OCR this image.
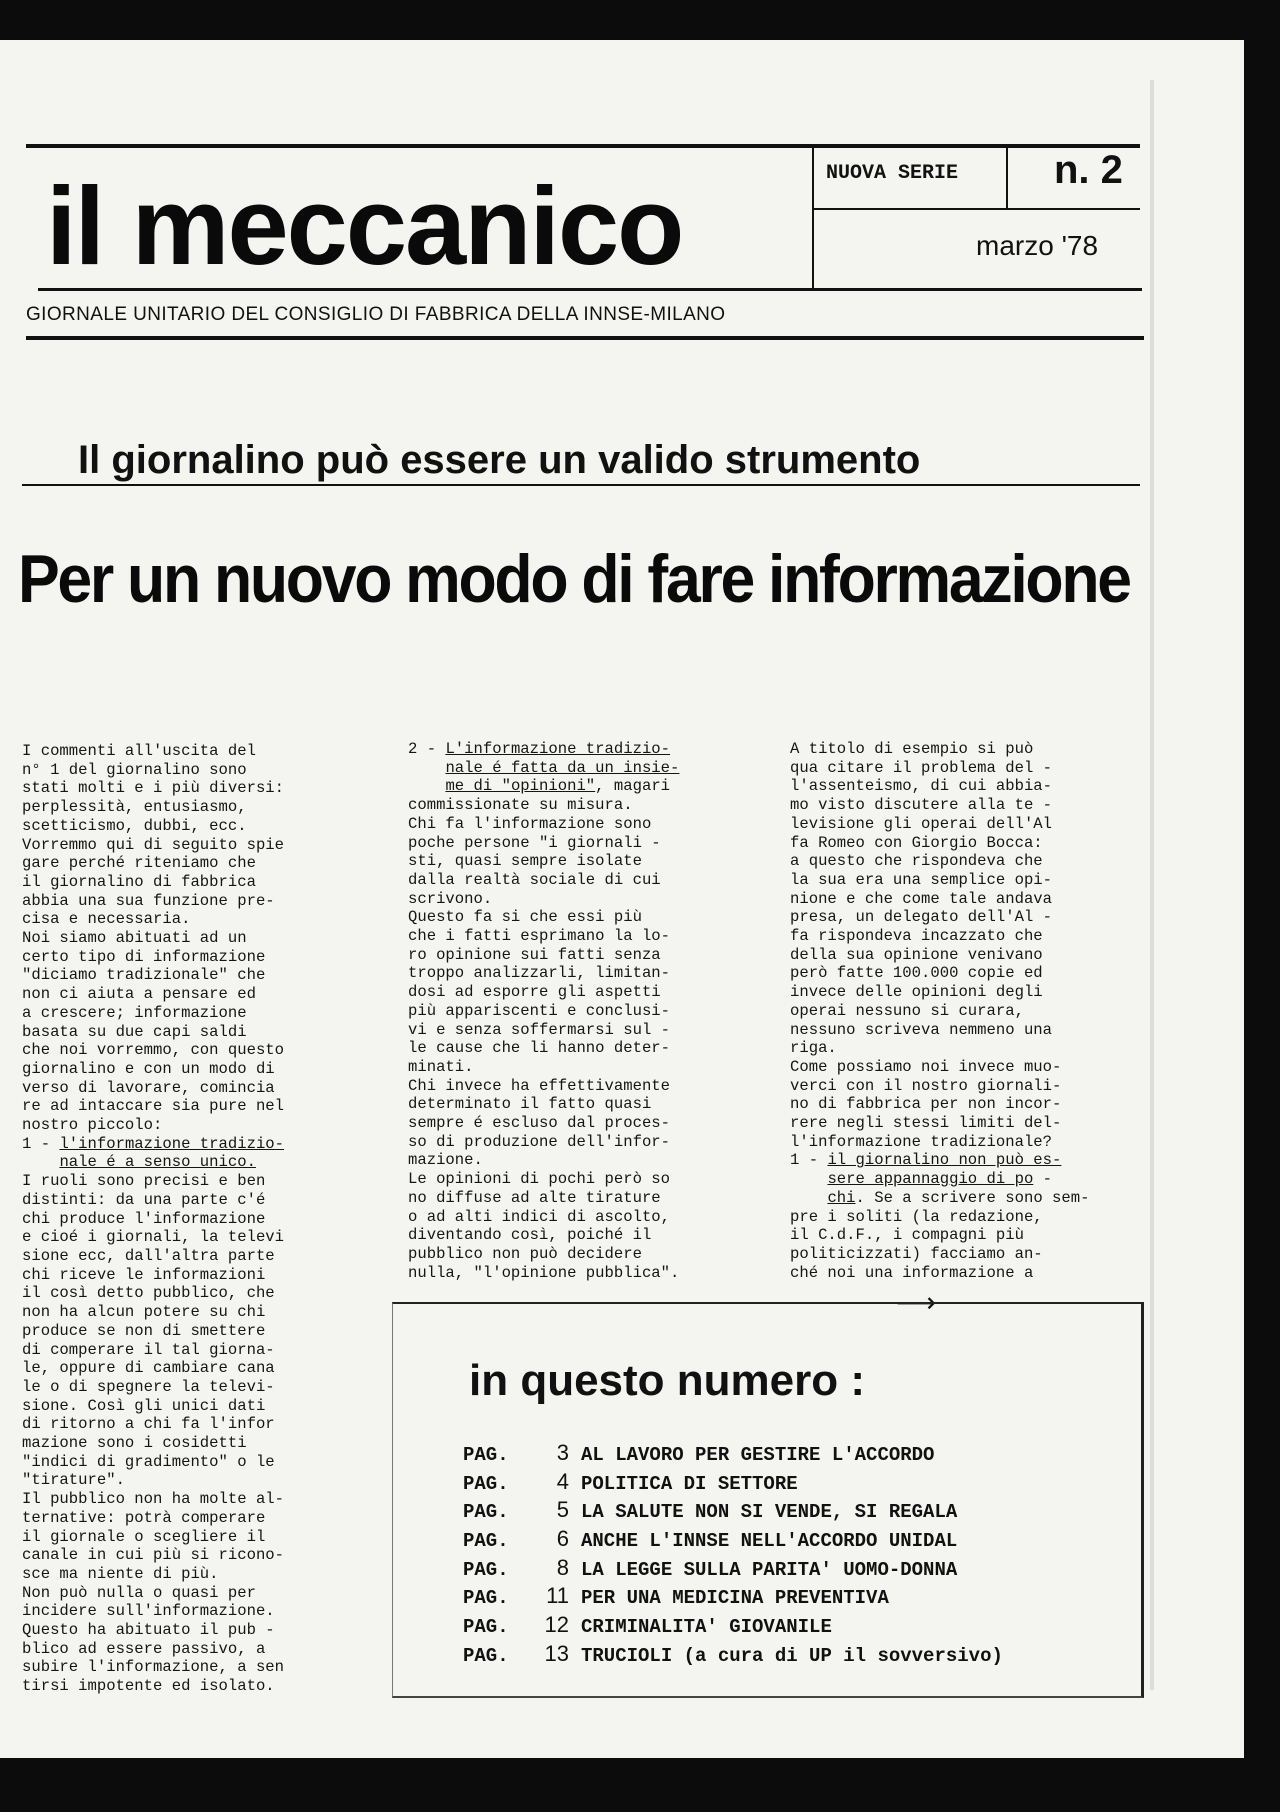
il meccanico	NUOVA SERIE n. 2
marzo '78
GIORNALE UNITARIO DEL CONSIGLIO DI FABBRICA DELLA INNSE-MILANO
Il giornalino può essere un valido strumento
Per un nuovo modo di fare informazione
I commenti all'uscita del
n° 1 del giornalino sono
stati molti e i più diversi:
perplessità, entusiasmo,
scetticismo, dubbi, ecc.
Vorremmo qui di seguito spie
gare perché riteniamo che
il giornalino di fabbrica
abbia una sua funzione pre-
cisa e necessaria.
Noi siamo abituati ad un
certo tipo di informazione
"diciamo tradizionale" che
non ci aiuta a pensare ed
a crescere; informazione
basata su due capi saldi
che noi vorremmo, con questo
giornalino e con un modo di
verso di lavorare, comincia
re ad intaccare sia pure nel
nostro piccolo:
1 - l'informazione tradizio-
nale é a senso unico.
I ruoli sono precisi e ben
distinti: da una parte c'é
chi produce l'informazione
e cioé i giornali, la televi
sione ecc, dall'altra parte
chi riceve le informazioni
il così detto pubblico, che
non ha alcun potere su chi
produce se non di smettere
di comperare il tal giorna-
le, oppure di cambiare cana
le o di spegnere la televi-
sione. Così gli unici dati
di ritorno a chi fa l'infor
mazione sono i cosidetti
"indici di gradimento" o le
"tirature".
Il pubblico non ha molte al-
ternative: potrà comperare
il giornale o scegliere il
canale in cui più si ricono-
sce ma niente di più.
Non può nulla o quasi per
incidere sull'informazione.
Questo ha abituato il pub -
blico ad essere passivo, a
subire l'informazione, a sen
tirsi impotente ed isolato.
2 - L'informazione tradizio-
nale é fatta da un insie-
me di "opinioni", magari
commissionate su misura.
Chi fa l'informazione sono
poche persone "i giornali -
sti, quasi sempre isolate
dalla realtà sociale di cui
scrivono.
Questo fa si che essi più
che i fatti esprimano la lo-
ro opinione sui fatti senza
troppo analizzarli, limitan-
dosi ad esporre gli aspetti
più appariscenti e conclusi-
vi e senza soffermarsi sul -
le cause che li hanno deter-
minati.
Chi invece ha effettivamente
determinato il fatto quasi
sempre é escluso dal proces-
so di produzione dell'infor-
mazione.
Le opinioni di pochi però so
no diffuse ad alte tirature
o ad alti indici di ascolto,
diventando così, poiché il
pubblico non può decidere
nulla, "l'opinione pubblica".
A titolo di esempio si può
qua citare il problema del -
l'assenteismo, di cui abbia-
mo visto discutere alla te -
levisione gli operai dell'Al
fa Romeo con Giorgio Bocca:
a questo che rispondeva che
la sua era una semplice opi-
nione e che come tale andava
presa, un delegato dell'Al -
fa rispondeva incazzato che
della sua opinione venivano
però fatte 100.000 copie ed
invece delle opinioni degli
operai nessuno si curara,
nessuno scriveva nemmeno una
riga.
Come possiamo noi invece muo-
verci con il nostro giornali-
no di fabbrica per non incor-
rere negli stessi limiti del-
l'informazione tradizionale?
1 - il giornalino non può es-
sere appannaggio di po -
chi. Se a scrivere sono sem-
pre i soliti (la redazione,
il C.d.F., i compagni più
politicizzati) facciamo an-
ché noi una informazione a
⟶
in questo numero :
PAG. 3 AL LAVORO PER GESTIRE L'ACCORDO
PAG. 4 POLITICA DI SETTORE
PAG. 5 LA SALUTE NON SI VENDE, SI REGALA
PAG. 6 ANCHE L'INNSE NELL'ACCORDO UNIDAL
PAG. 8 LA LEGGE SULLA PARITA' UOMO-DONNA
PAG. 11 PER UNA MEDICINA PREVENTIVA
PAG. 12 CRIMINALITA' GIOVANILE
PAG. 13 TRUCIOLI (a cura di UP il sovversivo)
